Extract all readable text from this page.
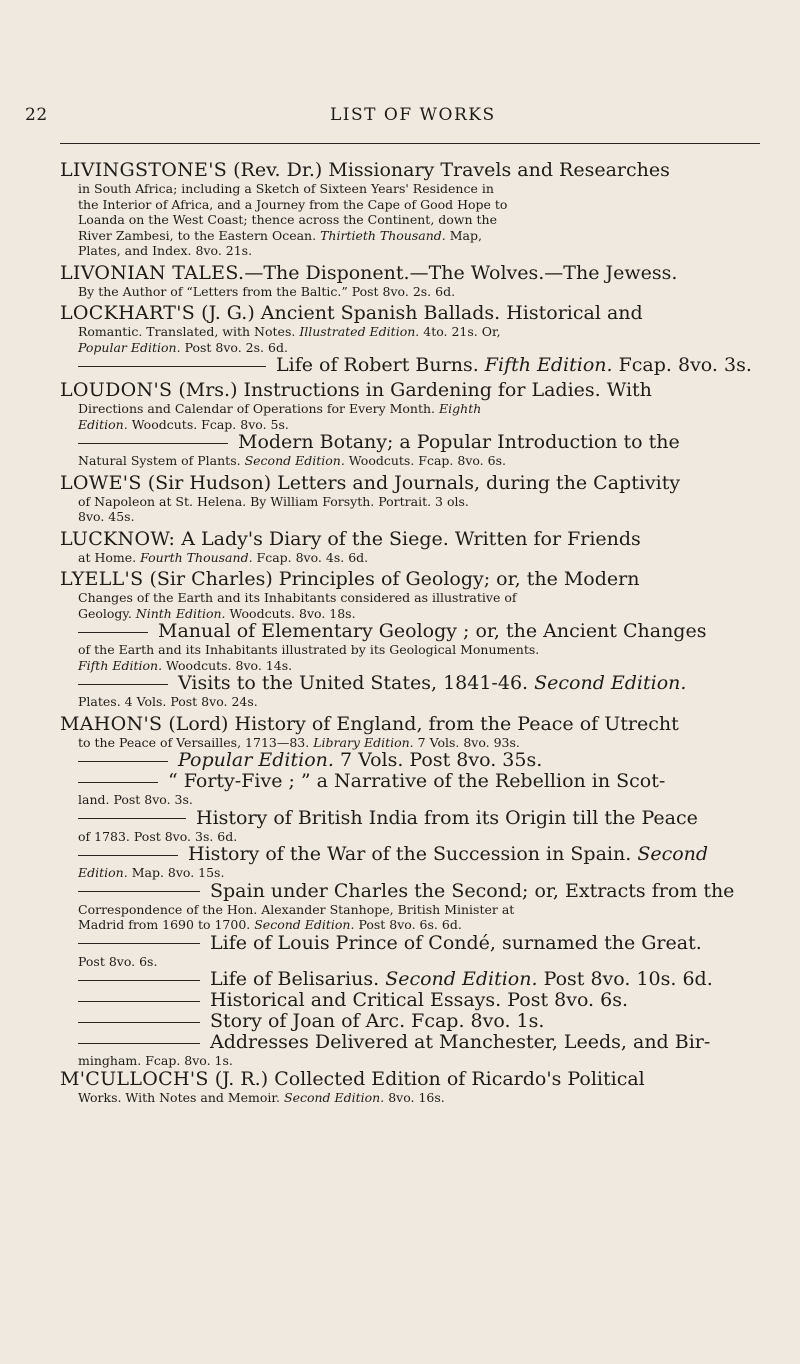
22	LIST OF WORKS

LIVINGSTONE'S (Rev. Dr.) Missionary Travels and Researches

in South Africa; including a Sketch of Sixteen Years' Residence in

the Interior of Africa, and a Journey from the Cape of Good Hope to

Loanda on the West Coast; thence across the Continent, down the

River Zambesi, to the Eastern Ocean. Thirtieth Thousand. Map,

Plates, and Index. 8vo. 21s.

LIVONIAN TALES.—The Disponent.—The Wolves.—The Jewess.

By the Author of “Letters from the Baltic.” Post 8vo. 2s. 6d.

LOCKHART'S (J. G.) Ancient Spanish Ballads. Historical and

Romantic. Translated, with Notes. Illustrated Edition. 4to. 21s. Or,

Popular Edition. Post 8vo. 2s. 6d.

Life of Robert Burns. Fifth Edition. Fcap. 8vo. 3s.

LOUDON'S (Mrs.) Instructions in Gardening for Ladies. With

Directions and Calendar of Operations for Every Month. Eighth

Edition. Woodcuts. Fcap. 8vo. 5s.

Modern Botany; a Popular Introduction to the

Natural System of Plants. Second Edition. Woodcuts. Fcap. 8vo. 6s.

LOWE'S (Sir Hudson) Letters and Journals, during the Captivity

of Napoleon at St. Helena. By William Forsyth. Portrait. 3 ols.

8vo. 45s.

LUCKNOW: A Lady's Diary of the Siege. Written for Friends

at Home. Fourth Thousand. Fcap. 8vo. 4s. 6d.

LYELL'S (Sir Charles) Principles of Geology; or, the Modern

Changes of the Earth and its Inhabitants considered as illustrative of

Geology. Ninth Edition. Woodcuts. 8vo. 18s.

Manual of Elementary Geology ; or, the Ancient Changes

of the Earth and its Inhabitants illustrated by its Geological Monuments.

Fifth Edition. Woodcuts. 8vo. 14s.

Visits to the United States, 1841-46. Second Edition.

Plates. 4 Vols. Post 8vo. 24s.

MAHON'S (Lord) History of England, from the Peace of Utrecht

to the Peace of Versailles, 1713—83. Library Edition. 7 Vols. 8vo. 93s.

Popular Edition. 7 Vols. Post 8vo. 35s.

“ Forty-Five ; ” a Narrative of the Rebellion in Scot-

land. Post 8vo. 3s.

History of British India from its Origin till the Peace

of 1783. Post 8vo. 3s. 6d.

History of the War of the Succession in Spain. Second

Edition. Map. 8vo. 15s.

Spain under Charles the Second; or, Extracts from the

Correspondence of the Hon. Alexander Stanhope, British Minister at

Madrid from 1690 to 1700. Second Edition. Post 8vo. 6s. 6d.

Life of Louis Prince of Condé, surnamed the Great.

Post 8vo. 6s.

Life of Belisarius. Second Edition. Post 8vo. 10s. 6d.

Historical and Critical Essays. Post 8vo. 6s.

Story of Joan of Arc. Fcap. 8vo. 1s.

Addresses Delivered at Manchester, Leeds, and Bir-

mingham. Fcap. 8vo. 1s.

M'CULLOCH'S (J. R.) Collected Edition of Ricardo's Political

Works. With Notes and Memoir. Second Edition. 8vo. 16s.
